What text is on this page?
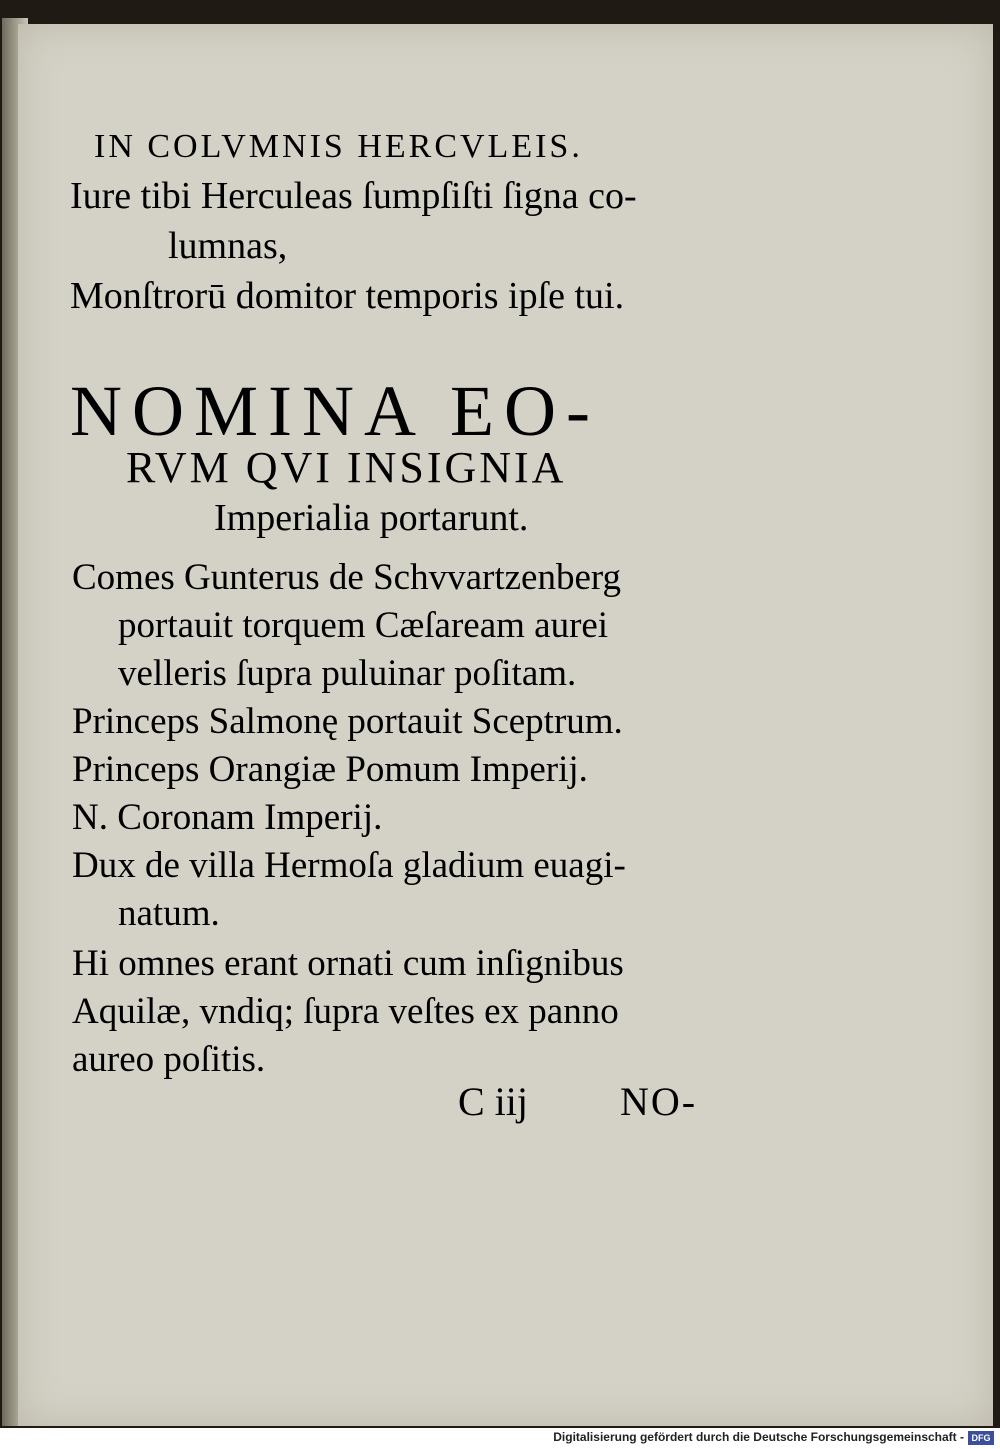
IN COLVMNIS HERCVLEIS.
Iure tibi Herculeas ſumpſiſti ſigna co-
lumnas,
Monſtrorū domitor temporis ipſe tui.
NOMINA EO-
RVM QVI INSIGNIA
Imperialia portarunt.
Comes Gunterus de Schvvartzenberg
portauit torquem Cæſaream aurei
velleris ſupra puluinar poſitam.
Princeps Salmonę portauit Sceptrum.
Princeps Orangiæ Pomum Imperij.
N. Coronam Imperij.
Dux de villa Hermoſa gladium euagi-
natum.
Hi omnes erant ornati cum inſignibus
Aquilæ, vndiq; ſupra veſtes ex panno
aureo poſitis.
C iij NO-
Digitalisierung gefördert durch die Deutsche Forschungsgemeinschaft - DFG
